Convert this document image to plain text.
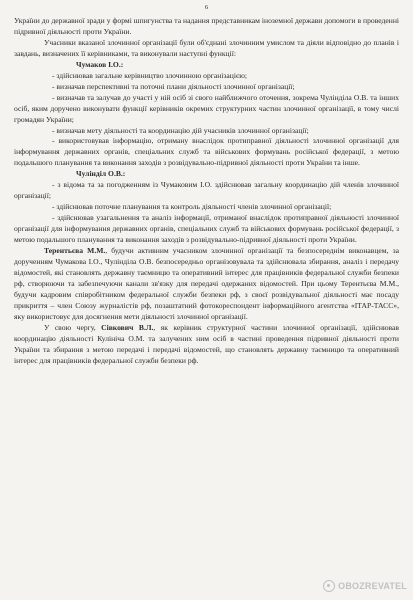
6

України до державної зради у формі шпигунства та надання представникам іноземної держави допомоги в проведенні підривної діяльності проти України.

Учасники вказаної злочинної організації були об'єднані злочинним умислом та діяли відповідно до планів і завдань, визначених її керівниками, та виконували наступні функції:

Чумаков І.О.:

- здійснював загальне керівництво злочинною організацією;

- визначав перспективні та поточні плани діяльності злочинної організації;

- визначав та залучав до участі у ній осіб зі свого найближчого оточення, зокрема Чулінділа О.В. та інших осіб, яким доручено виконувати функції керівників окремих структурних частин злочинної організації, в тому числі громадян України;

- визначав мету діяльності та координацію дій учасників злочинної організації;

- використовував інформацію, отриману внаслідок протиправної діяльності злочинної організації для інформування державних органів, спеціальних служб та військових формувань російської федерації, з метою подальшого планування та виконання заходів з розвідувально-підривної діяльності проти України та інше.

Чулінділ О.В.:

- з відома та за погодженням із Чумаковим І.О. здійснював загальну координацію дій членів злочинної організації;

- здійснював поточне планування та контроль діяльності членів злочинної організації;

- здійснював узагальнення та аналіз інформації, отриманої внаслідок протиправної діяльності злочинної організації для інформування державних органів, спеціальних служб та військових формувань російської федерації, з метою подальшого планування та виконання заходів з розвідувально-підривної діяльності проти України.

Терентьєва М.М., будучи активним учасником злочинної організації та безпосереднім виконавцем, за дорученням Чумакова І.О., Чулінділа О.В. безпосередньо організовувала та здійснювала збирання, аналіз і передачу відомостей, які становлять державну таємницю та оперативний інтерес для працівників федеральної служби безпеки рф, створюючи та забезпечуючи канали зв'язку для передачі одержаних відомостей. При цьому Терентьєва М.М., будучи кадровим співробітником федеральної служби безпеки рф, з своєї розвідувальної діяльності має посаду прикриття – член Союзу журналістів рф, позаштатний фотокореспондент інформаційного агентства «ІТАР-ТАСС», яку використовує для досягнення мети діяльності злочинної організації.

У свою чергу, Сівкович В.Л., як керівник структурної частини злочинної організації, здійснював координацію діяльності Кулініча О.М. та залучених ним осіб в частині проведення підривної діяльності проти України та збирання з метою передачі і передачі відомостей, що становлять державну таємницю та оперативний інтерес для працівників федеральної служби безпеки рф.

OBOZREVATEL
